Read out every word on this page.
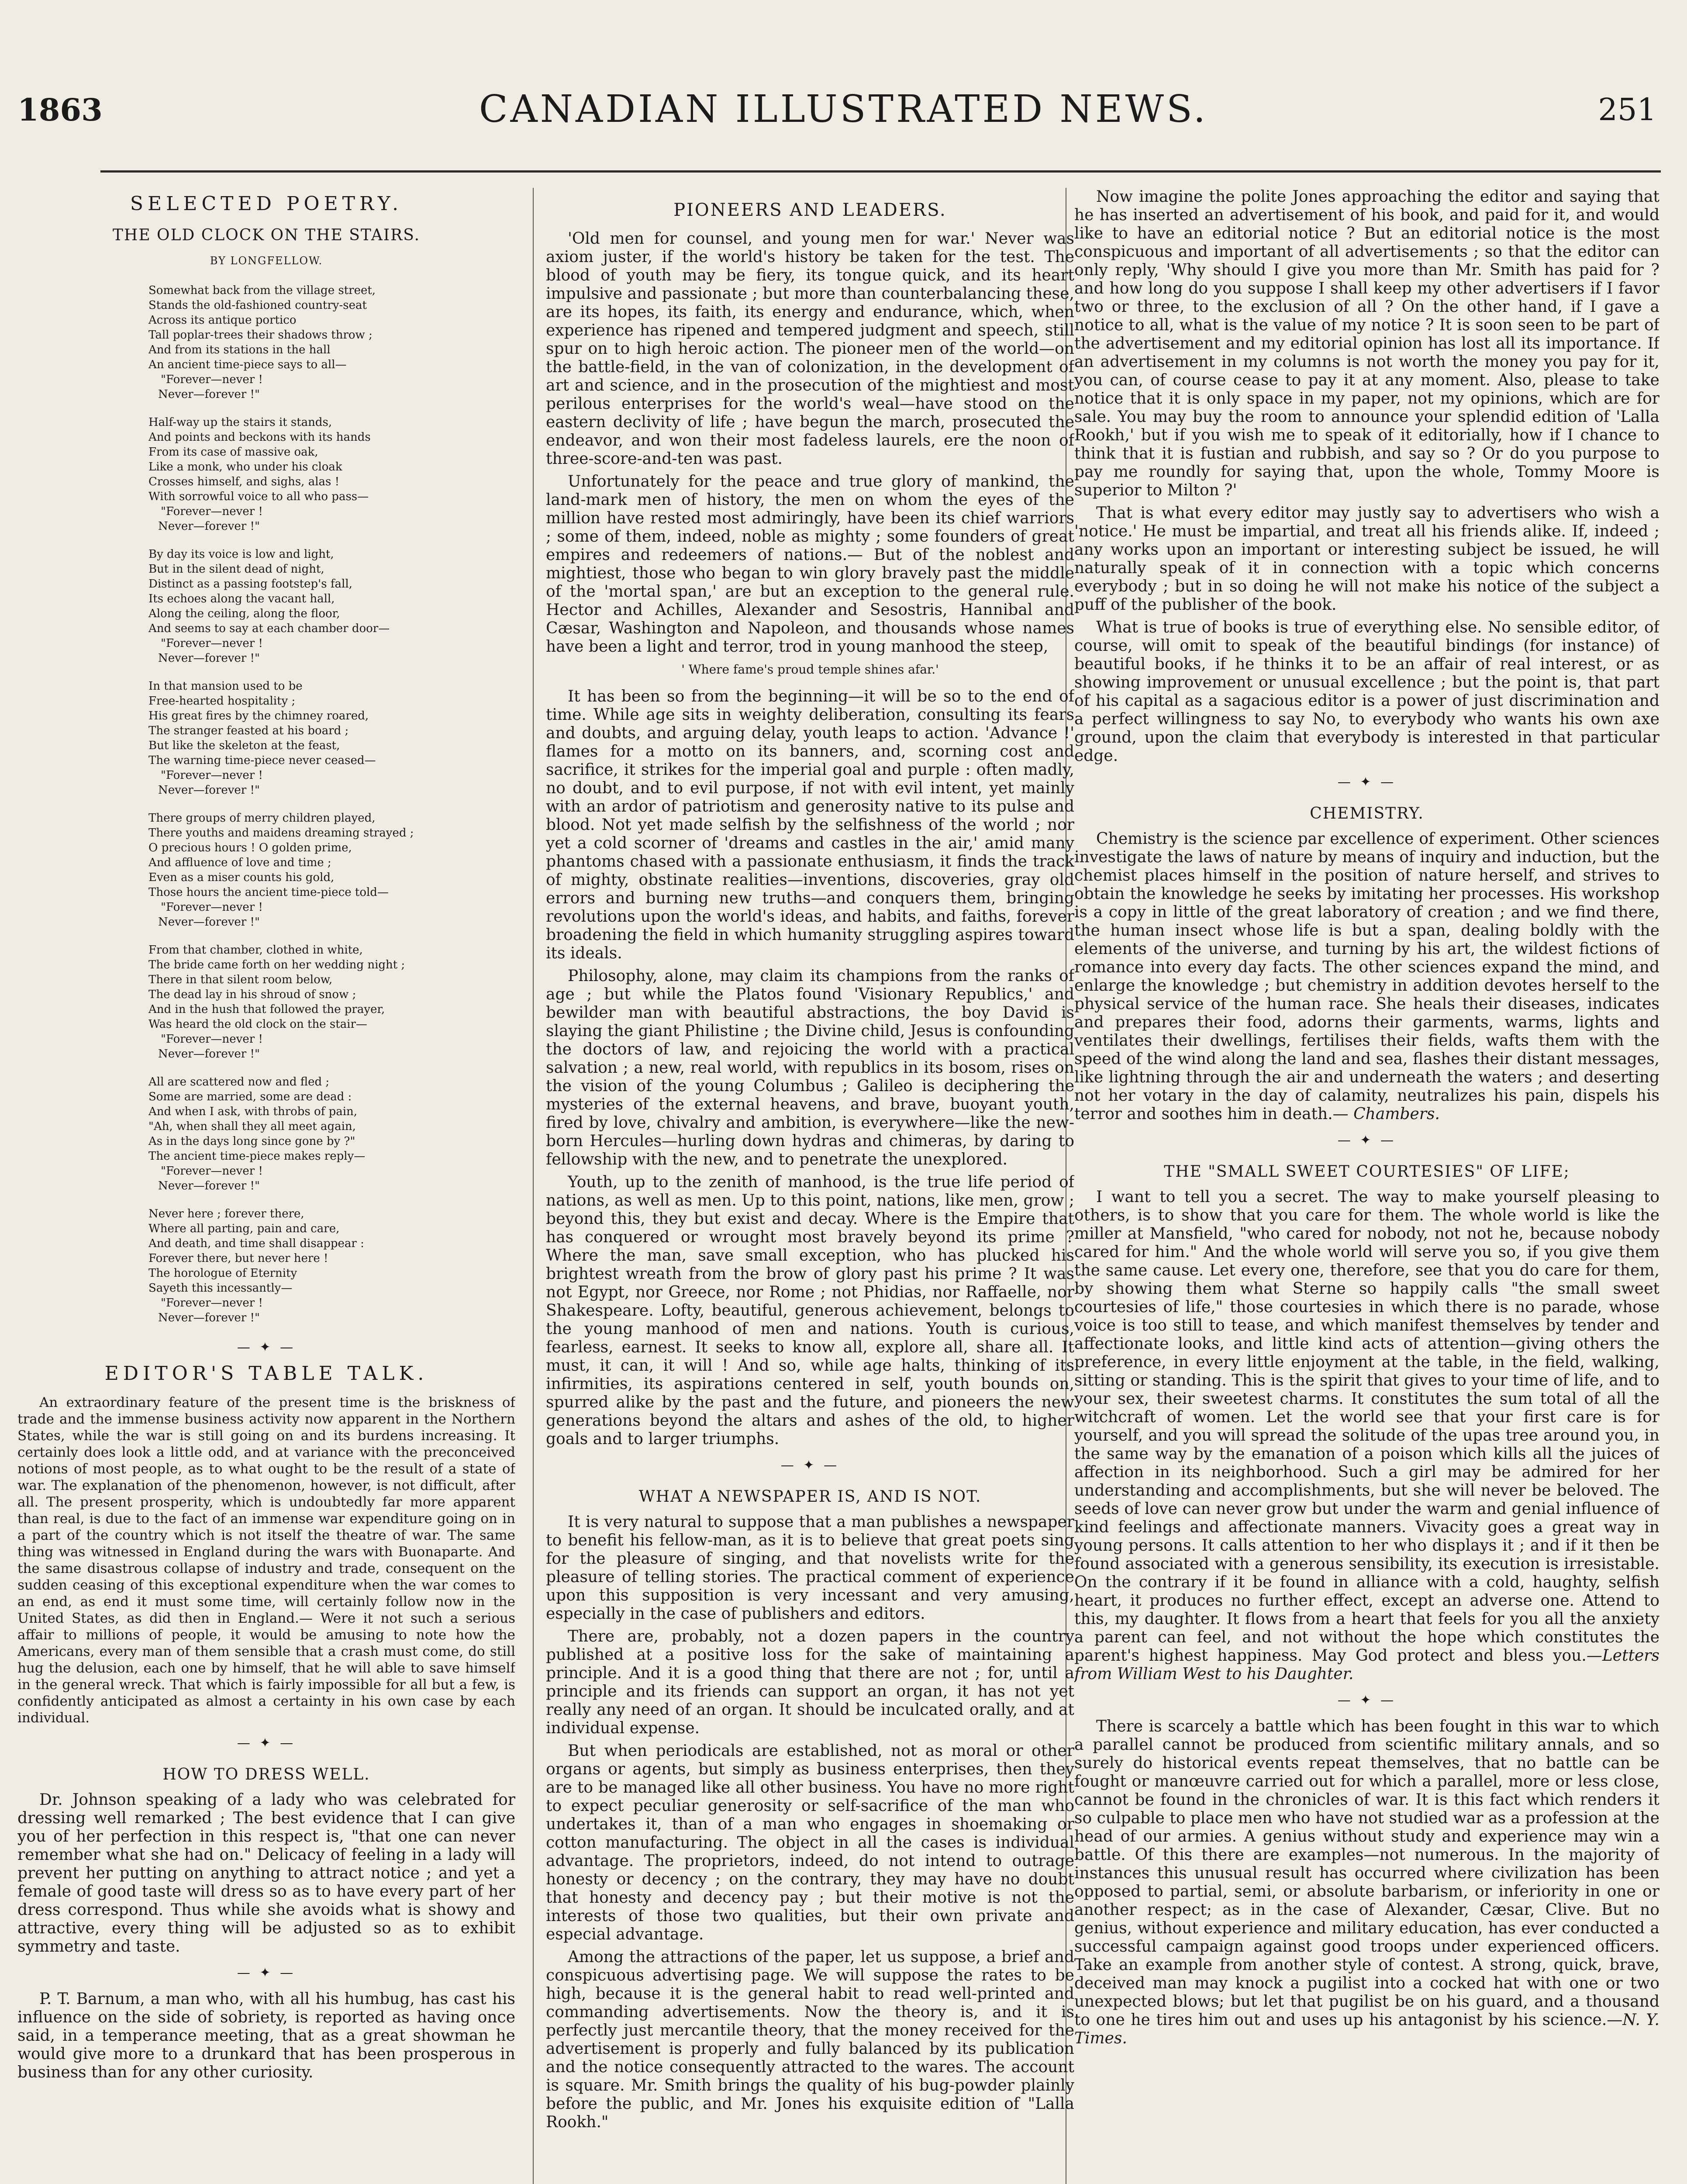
1863	CANADIAN ILLUSTRATED NEWS.	251
SELECTED POETRY.
THE OLD CLOCK ON THE STAIRS.
BY LONGFELLOW.
Somewhat back from the village street,
Stands the old-fashioned country-seat
Across its antique portico
Tall poplar-trees their shadows throw ;
And from its stations in the hall
An ancient time-piece says to all—
"Forever—never !
Never—forever !"
Half-way up the stairs it stands,
And points and beckons with its hands
From its case of massive oak,
Like a monk, who under his cloak
Crosses himself, and sighs, alas !
With sorrowful voice to all who pass—
"Forever—never !
Never—forever !"
By day its voice is low and light,
But in the silent dead of night,
Distinct as a passing footstep's fall,
Its echoes along the vacant hall,
Along the ceiling, along the floor,
And seems to say at each chamber door—
"Forever—never !
Never—forever !"
In that mansion used to be
Free-hearted hospitality ;
His great fires by the chimney roared,
The stranger feasted at his board ;
But like the skeleton at the feast,
The warning time-piece never ceased—
"Forever—never !
Never—forever !"
There groups of merry children played,
There youths and maidens dreaming strayed ;
O precious hours ! O golden prime,
And affluence of love and time ;
Even as a miser counts his gold,
Those hours the ancient time-piece told—
"Forever—never !
Never—forever !"
From that chamber, clothed in white,
The bride came forth on her wedding night ;
There in that silent room below,
The dead lay in his shroud of snow ;
And in the hush that followed the prayer,
Was heard the old clock on the stair—
"Forever—never !
Never—forever !"
All are scattered now and fled ;
Some are married, some are dead :
And when I ask, with throbs of pain,
"Ah, when shall they all meet again,
As in the days long since gone by ?"
The ancient time-piece makes reply—
"Forever—never !
Never—forever !"
Never here ; forever there,
Where all parting, pain and care,
And death, and time shall disappear :
Forever there, but never here !
The horologue of Eternity
Sayeth this incessantly—
"Forever—never !
Never—forever !"
— ✦ —
EDITOR'S TABLE TALK.

An extraordinary feature of the present time is the briskness of trade and the immense business activity now apparent in the Northern States, while the war is still going on and its burdens increasing. It certainly does look a little odd, and at variance with the preconceived notions of most people, as to what ought to be the result of a state of war. The explanation of the phenomenon, however, is not difficult, after all. The present prosperity, which is undoubtedly far more apparent than real, is due to the fact of an immense war expenditure going on in a part of the country which is not itself the theatre of war. The same thing was witnessed in England during the wars with Buonaparte. And the same disastrous collapse of industry and trade, consequent on the sudden ceasing of this exceptional expenditure when the war comes to an end, as end it must some time, will certainly follow now in the United States, as did then in England.— Were it not such a serious affair to millions of people, it would be amusing to note how the Americans, every man of them sensible that a crash must come, do still hug the delusion, each one by himself, that he will able to save himself in the general wreck. That which is fairly impossible for all but a few, is confidently anticipated as almost a certainty in his own case by each individual.

— ✦ —
HOW TO DRESS WELL.

Dr. Johnson speaking of a lady who was celebrated for dressing well remarked ; The best evidence that I can give you of her perfection in this respect is, "that one can never remember what she had on." Delicacy of feeling in a lady will prevent her putting on anything to attract notice ; and yet a female of good taste will dress so as to have every part of her dress correspond. Thus while she avoids what is showy and attractive, every thing will be adjusted so as to exhibit symmetry and taste.

— ✦ —

P. T. Barnum, a man who, with all his humbug, has cast his influence on the side of sobriety, is reported as having once said, in a temperance meeting, that as a great showman he would give more to a drunkard that has been prosperous in business than for any other curiosity.

PIONEERS AND LEADERS.

'Old men for counsel, and young men for war.' Never was axiom juster, if the world's history be taken for the test. The blood of youth may be fiery, its tongue quick, and its heart impulsive and passionate ; but more than counterbalancing these, are its hopes, its faith, its energy and endurance, which, when experience has ripened and tempered judgment and speech, still spur on to high heroic action. The pioneer men of the world—on the battle-field, in the van of colonization, in the development of art and science, and in the prosecution of the mightiest and most perilous enterprises for the world's weal—have stood on the eastern declivity of life ; have begun the march, prosecuted the endeavor, and won their most fadeless laurels, ere the noon of three-score-and-ten was past.

Unfortunately for the peace and true glory of mankind, the land-mark men of history, the men on whom the eyes of the million have rested most admiringly, have been its chief warriors ; some of them, indeed, noble as mighty ; some founders of great empires and redeemers of nations.— But of the noblest and mightiest, those who began to win glory bravely past the middle of the 'mortal span,' are but an exception to the general rule. Hector and Achilles, Alexander and Sesostris, Hannibal and Cæsar, Washington and Napoleon, and thousands whose names have been a light and terror, trod in young manhood the steep,

' Where fame's proud temple shines afar.'

It has been so from the beginning—it will be so to the end of time. While age sits in weighty deliberation, consulting its fears and doubts, and arguing delay, youth leaps to action. 'Advance !' flames for a motto on its banners, and, scorning cost and sacrifice, it strikes for the imperial goal and purple : often madly, no doubt, and to evil purpose, if not with evil intent, yet mainly with an ardor of patriotism and generosity native to its pulse and blood. Not yet made selfish by the selfishness of the world ; nor yet a cold scorner of 'dreams and castles in the air,' amid many phantoms chased with a passionate enthusiasm, it finds the track of mighty, obstinate realities—inventions, discoveries, gray old errors and burning new truths—and conquers them, bringing revolutions upon the world's ideas, and habits, and faiths, forever broadening the field in which humanity struggling aspires toward its ideals.

Philosophy, alone, may claim its champions from the ranks of age ; but while the Platos found 'Visionary Republics,' and bewilder man with beautiful abstractions, the boy David is slaying the giant Philistine ; the Divine child, Jesus is confounding the doctors of law, and rejoicing the world with a practical salvation ; a new, real world, with republics in its bosom, rises on the vision of the young Columbus ; Galileo is deciphering the mysteries of the external heavens, and brave, buoyant youth, fired by love, chivalry and ambition, is everywhere—like the new-born Hercules—hurling down hydras and chimeras, by daring to fellowship with the new, and to penetrate the unexplored.

Youth, up to the zenith of manhood, is the true life period of nations, as well as men. Up to this point, nations, like men, grow ; beyond this, they but exist and decay. Where is the Empire that has conquered or wrought most bravely beyond its prime ? Where the man, save small exception, who has plucked his brightest wreath from the brow of glory past his prime ? It was not Egypt, nor Greece, nor Rome ; not Phidias, nor Raffaelle, nor Shakespeare. Lofty, beautiful, generous achievement, belongs to the young manhood of men and nations. Youth is curious, fearless, earnest. It seeks to know all, explore all, share all. It must, it can, it will ! And so, while age halts, thinking of its infirmities, its aspirations centered in self, youth bounds on, spurred alike by the past and the future, and pioneers the new generations beyond the altars and ashes of the old, to higher goals and to larger triumphs.

— ✦ —
WHAT A NEWSPAPER IS, AND IS NOT.

It is very natural to suppose that a man publishes a newspaper to benefit his fellow-man, as it is to believe that great poets sing for the pleasure of singing, and that novelists write for the pleasure of telling stories. The practical comment of experience upon this supposition is very incessant and very amusing, especially in the case of publishers and editors.

There are, probably, not a dozen papers in the country published at a positive loss for the sake of maintaining a principle. And it is a good thing that there are not ; for, until a principle and its friends can support an organ, it has not yet really any need of an organ. It should be inculcated orally, and at individual expense.

But when periodicals are established, not as moral or other organs or agents, but simply as business enterprises, then they are to be managed like all other business. You have no more right to expect peculiar generosity or self-sacrifice of the man who undertakes it, than of a man who engages in shoemaking or cotton manufacturing. The object in all the cases is individual advantage. The proprietors, indeed, do not intend to outrage honesty or decency ; on the contrary, they may have no doubt that honesty and decency pay ; but their motive is not the interests of those two qualities, but their own private and especial advantage.

Among the attractions of the paper, let us suppose, a brief and conspicuous advertising page. We will suppose the rates to be high, because it is the general habit to read well-printed and commanding advertisements. Now the theory is, and it is perfectly just mercantile theory, that the money received for the advertisement is properly and fully balanced by its publication and the notice consequently attracted to the wares. The account is square. Mr. Smith brings the quality of his bug-powder plainly before the public, and Mr. Jones his exquisite edition of "Lalla Rookh."

Now imagine the polite Jones approaching the editor and saying that he has inserted an advertisement of his book, and paid for it, and would like to have an editorial notice ? But an editorial notice is the most conspicuous and important of all advertisements ; so that the editor can only reply, 'Why should I give you more than Mr. Smith has paid for ? and how long do you suppose I shall keep my other advertisers if I favor two or three, to the exclusion of all ? On the other hand, if I gave a notice to all, what is the value of my notice ? It is soon seen to be part of the advertisement and my editorial opinion has lost all its importance. If an advertisement in my columns is not worth the money you pay for it, you can, of course cease to pay it at any moment. Also, please to take notice that it is only space in my paper, not my opinions, which are for sale. You may buy the room to announce your splendid edition of 'Lalla Rookh,' but if you wish me to speak of it editorially, how if I chance to think that it is fustian and rubbish, and say so ? Or do you purpose to pay me roundly for saying that, upon the whole, Tommy Moore is superior to Milton ?'

That is what every editor may justly say to advertisers who wish a 'notice.' He must be impartial, and treat all his friends alike. If, indeed ; any works upon an important or interesting subject be issued, he will naturally speak of it in connection with a topic which concerns everybody ; but in so doing he will not make his notice of the subject a puff of the publisher of the book.

What is true of books is true of everything else. No sensible editor, of course, will omit to speak of the beautiful bindings (for instance) of beautiful books, if he thinks it to be an affair of real interest, or as showing improvement or unusual excellence ; but the point is, that part of his capital as a sagacious editor is a power of just discrimination and a perfect willingness to say No, to everybody who wants his own axe ground, upon the claim that everybody is interested in that particular edge.

— ✦ —
CHEMISTRY.

Chemistry is the science par excellence of experiment. Other sciences investigate the laws of nature by means of inquiry and induction, but the chemist places himself in the position of nature herself, and strives to obtain the knowledge he seeks by imitating her processes. His workshop is a copy in little of the great laboratory of creation ; and we find there, the human insect whose life is but a span, dealing boldly with the elements of the universe, and turning by his art, the wildest fictions of romance into every day facts. The other sciences expand the mind, and enlarge the knowledge ; but chemistry in addition devotes herself to the physical service of the human race. She heals their diseases, indicates and prepares their food, adorns their garments, warms, lights and ventilates their dwellings, fertilises their fields, wafts them with the speed of the wind along the land and sea, flashes their distant messages, like lightning through the air and underneath the waters ; and deserting not her votary in the day of calamity, neutralizes his pain, dispels his terror and soothes him in death.— Chambers.

— ✦ —
THE "SMALL SWEET COURTESIES" OF LIFE;

I want to tell you a secret. The way to make yourself pleasing to others, is to show that you care for them. The whole world is like the miller at Mansfield, "who cared for nobody, not not he, because nobody cared for him." And the whole world will serve you so, if you give them the same cause. Let every one, therefore, see that you do care for them, by showing them what Sterne so happily calls "the small sweet courtesies of life," those courtesies in which there is no parade, whose voice is too still to tease, and which manifest themselves by tender and affectionate looks, and little kind acts of attention—giving others the preference, in every little enjoyment at the table, in the field, walking, sitting or standing. This is the spirit that gives to your time of life, and to your sex, their sweetest charms. It constitutes the sum total of all the witchcraft of women. Let the world see that your first care is for yourself, and you will spread the solitude of the upas tree around you, in the same way by the emanation of a poison which kills all the juices of affection in its neighborhood. Such a girl may be admired for her understanding and accomplishments, but she will never be beloved. The seeds of love can never grow but under the warm and genial influence of kind feelings and affectionate manners. Vivacity goes a great way in young persons. It calls attention to her who displays it ; and if it then be found associated with a generous sensibility, its execution is irresistable. On the contrary if it be found in alliance with a cold, haughty, selfish heart, it produces no further effect, except an adverse one. Attend to this, my daughter. It flows from a heart that feels for you all the anxiety a parent can feel, and not without the hope which constitutes the parent's highest happiness. May God protect and bless you.—Letters from William West to his Daughter.

— ✦ —

There is scarcely a battle which has been fought in this war to which a parallel cannot be produced from scientific military annals, and so surely do historical events repeat themselves, that no battle can be fought or manœuvre carried out for which a parallel, more or less close, cannot be found in the chronicles of war. It is this fact which renders it so culpable to place men who have not studied war as a profession at the head of our armies. A genius without study and experience may win a battle. Of this there are examples—not numerous. In the majority of instances this unusual result has occurred where civilization has been opposed to partial, semi, or absolute barbarism, or inferiority in one or another respect; as in the case of Alexander, Cæsar, Clive. But no genius, without experience and military education, has ever conducted a successful campaign against good troops under experienced officers. Take an example from another style of contest. A strong, quick, brave, deceived man may knock a pugilist into a cocked hat with one or two unexpected blows; but let that pugilist be on his guard, and a thousand to one he tires him out and uses up his antagonist by his science.—N. Y. Times.
